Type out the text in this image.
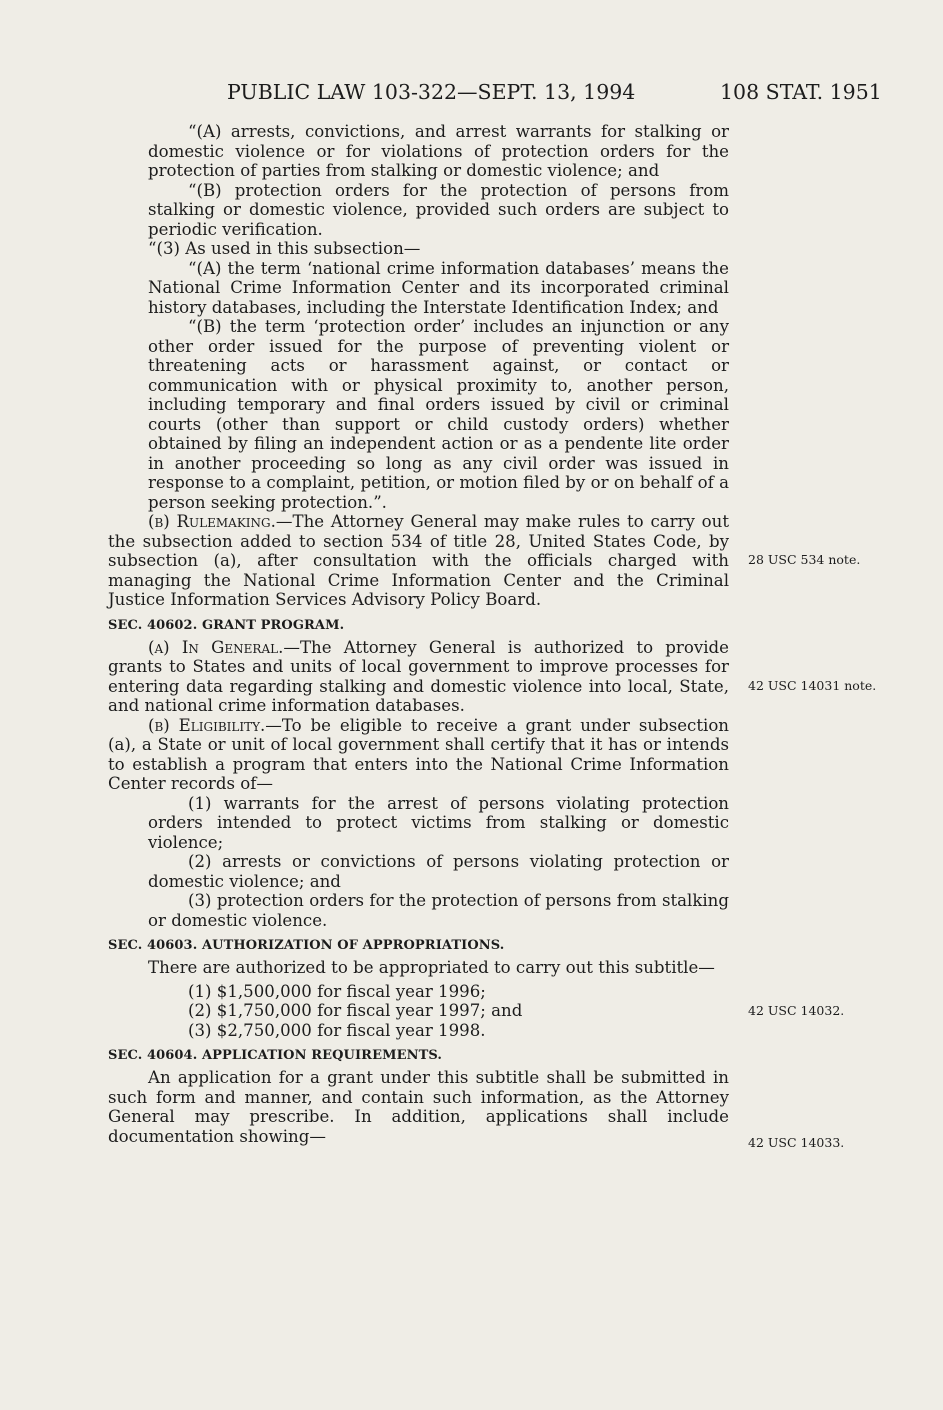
PUBLIC LAW 103-322—SEPT. 13, 1994	108 STAT. 1951

“(A) arrests, convictions, and arrest warrants for stalking or domestic violence or for violations of protection orders for the protection of parties from stalking or domestic violence; and

“(B) protection orders for the protection of persons from stalking or domestic violence, provided such orders are subject to periodic verification.

“(3) As used in this subsection—

“(A) the term ‘national crime information databases’ means the National Crime Information Center and its incorporated criminal history databases, including the Interstate Identification Index; and

“(B) the term ‘protection order’ includes an injunction or any other order issued for the purpose of preventing violent or threatening acts or harassment against, or contact or communication with or physical proximity to, another person, including temporary and final orders issued by civil or criminal courts (other than support or child custody orders) whether obtained by filing an independent action or as a pendente lite order in another proceeding so long as any civil order was issued in response to a complaint, petition, or motion filed by or on behalf of a person seeking protection.”.

(b) Rulemaking.—The Attorney General may make rules to carry out the subsection added to section 534 of title 28, United States Code, by subsection (a), after consultation with the officials charged with managing the National Crime Information Center and the Criminal Justice Information Services Advisory Policy Board.

SEC. 40602. GRANT PROGRAM.

(a) In General.—The Attorney General is authorized to provide grants to States and units of local government to improve processes for entering data regarding stalking and domestic violence into local, State, and national crime information databases.

(b) Eligibility.—To be eligible to receive a grant under subsection (a), a State or unit of local government shall certify that it has or intends to establish a program that enters into the National Crime Information Center records of—

(1) warrants for the arrest of persons violating protection orders intended to protect victims from stalking or domestic violence;

(2) arrests or convictions of persons violating protection or domestic violence; and

(3) protection orders for the protection of persons from stalking or domestic violence.

SEC. 40603. AUTHORIZATION OF APPROPRIATIONS.

There are authorized to be appropriated to carry out this subtitle—

(1) $1,500,000 for fiscal year 1996;

(2) $1,750,000 for fiscal year 1997; and

(3) $2,750,000 for fiscal year 1998.

SEC. 40604. APPLICATION REQUIREMENTS.

An application for a grant under this subtitle shall be submitted in such form and manner, and contain such information, as the Attorney General may prescribe. In addition, applications shall include documentation showing—

28 USC 534 note.
42 USC 14031 note.
42 USC 14032.
42 USC 14033.
